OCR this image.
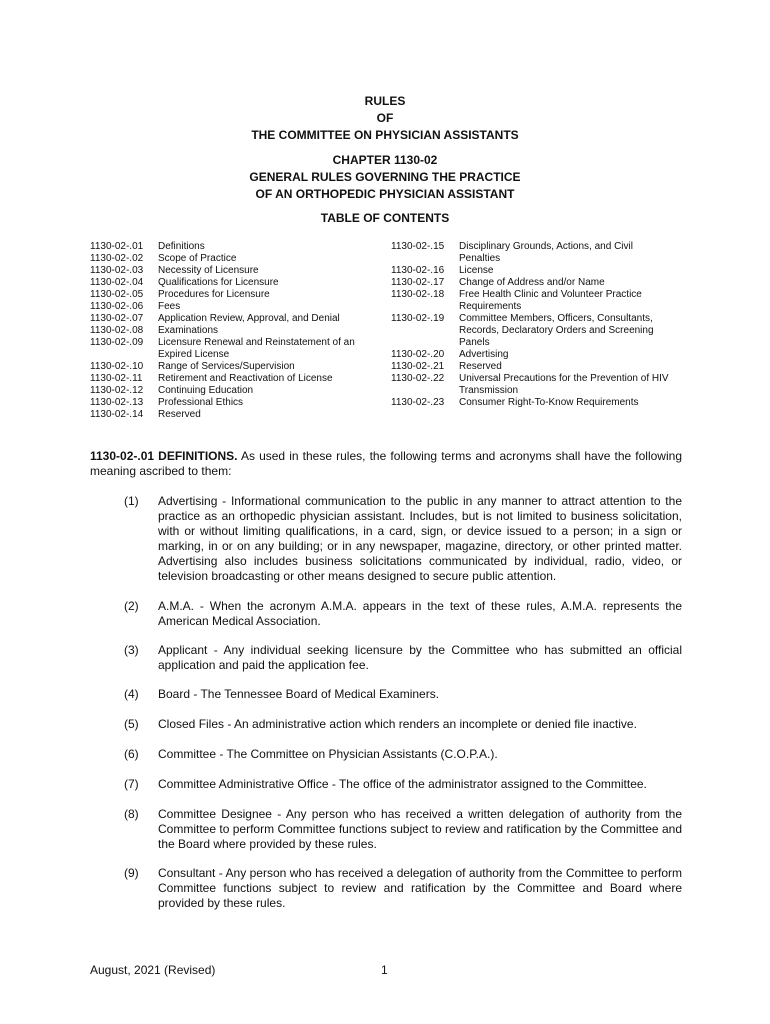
RULES
OF
THE COMMITTEE ON PHYSICIAN ASSISTANTS
CHAPTER 1130-02
GENERAL RULES GOVERNING THE PRACTICE
OF AN ORTHOPEDIC PHYSICIAN ASSISTANT
TABLE OF CONTENTS
1130-02-.01	Definitions
1130-02-.02	Scope of Practice
1130-02-.03	Necessity of Licensure
1130-02-.04	Qualifications for Licensure
1130-02-.05	Procedures for Licensure
1130-02-.06	Fees
1130-02-.07	Application Review, Approval, and Denial
1130-02-.08	Examinations
1130-02-.09	Licensure Renewal and Reinstatement of an
Expired License
1130-02-.10	Range of Services/Supervision
1130-02-.11	Retirement and Reactivation of License
1130-02-.12	Continuing Education
1130-02-.13	Professional Ethics
1130-02-.14	Reserved
1130-02-.15	Disciplinary Grounds, Actions, and Civil
Penalties
1130-02-.16	License
1130-02-.17	Change of Address and/or Name
1130-02-.18	Free Health Clinic and Volunteer Practice
Requirements
1130-02-.19	Committee Members, Officers, Consultants,
Records, Declaratory Orders and Screening
Panels
1130-02-.20	Advertising
1130-02-.21	Reserved
1130-02-.22	Universal Precautions for the Prevention of HIV
Transmission
1130-02-.23	Consumer Right-To-Know Requirements
1130-02-.01 DEFINITIONS. As used in these rules, the following terms and acronyms shall have the following meaning ascribed to them:
(1)	Advertising - Informational communication to the public in any manner to attract attention to the practice as an orthopedic physician assistant. Includes, but is not limited to business solicitation, with or without limiting qualifications, in a card, sign, or device issued to a person; in a sign or marking, in or on any building; or in any newspaper, magazine, directory, or other printed matter. Advertising also includes business solicitations communicated by individual, radio, video, or television broadcasting or other means designed to secure public attention.
(2)	A.M.A. - When the acronym A.M.A. appears in the text of these rules, A.M.A. represents the American Medical Association.
(3)	Applicant - Any individual seeking licensure by the Committee who has submitted an official application and paid the application fee.
(4)	Board - The Tennessee Board of Medical Examiners.
(5)	Closed Files - An administrative action which renders an incomplete or denied file inactive.
(6)	Committee - The Committee on Physician Assistants (C.O.P.A.).
(7)	Committee Administrative Office - The office of the administrator assigned to the Committee.
(8)	Committee Designee - Any person who has received a written delegation of authority from the Committee to perform Committee functions subject to review and ratification by the Committee and the Board where provided by these rules.
(9)	Consultant - Any person who has received a delegation of authority from the Committee to perform Committee functions subject to review and ratification by the Committee and Board where provided by these rules.
August, 2021 (Revised)	1
